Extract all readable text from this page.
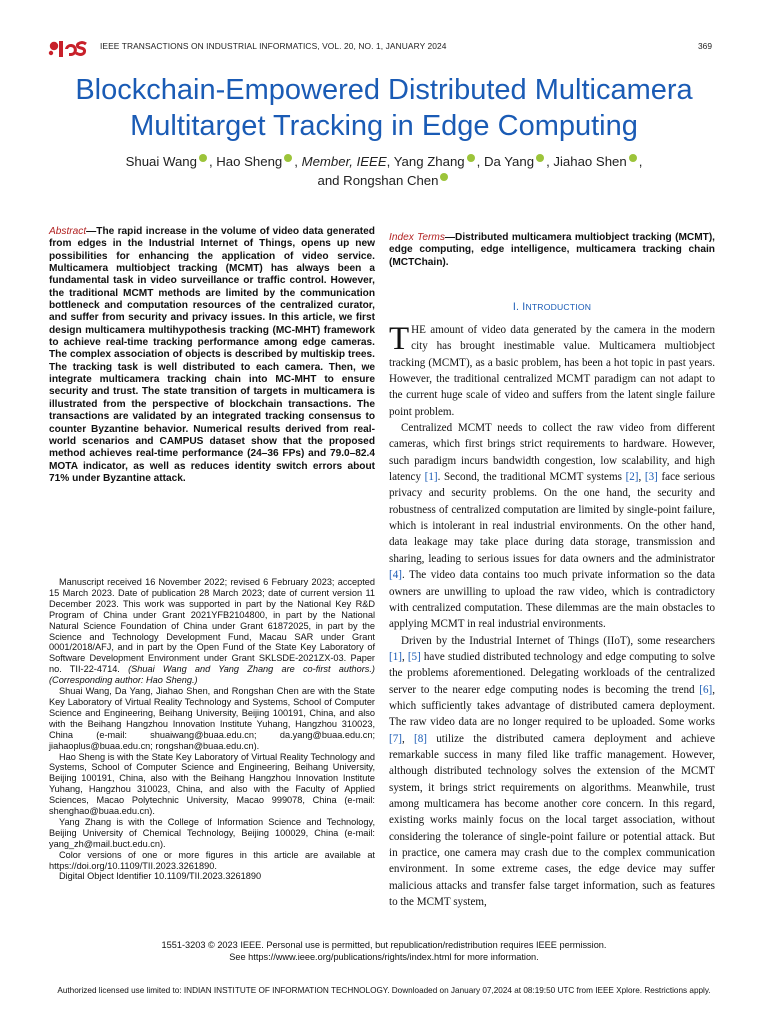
IEEE TRANSACTIONS ON INDUSTRIAL INFORMATICS, VOL. 20, NO. 1, JANUARY 2024	369
Blockchain-Empowered Distributed Multicamera Multitarget Tracking in Edge Computing
Shuai Wang , Hao Sheng , Member, IEEE, Yang Zhang , Da Yang , Jiahao Shen ,
and Rongshan Chen
Abstract—The rapid increase in the volume of video data generated from edges in the Industrial Internet of Things, opens up new possibilities for enhancing the application of video service. Multicamera multiobject tracking (MCMT) has always been a fundamental task in video surveillance or traffic control. However, the traditional MCMT methods are limited by the communication bottleneck and computation resources of the centralized curator, and suffer from security and privacy issues. In this article, we first design multicamera multihypothesis tracking (MC-MHT) framework to achieve real-time tracking performance among edge cameras. The complex association of objects is described by multiskip trees. The tracking task is well distributed to each camera. Then, we integrate multicamera tracking chain into MC-MHT to ensure security and trust. The state transition of targets in multicamera is illustrated from the perspective of blockchain transactions. The transactions are validated by an integrated tracking consensus to counter Byzantine behavior. Numerical results derived from real-world scenarios and CAMPUS dataset show that the proposed method achieves real-time performance (24–36 FPs) and 79.0–82.4 MOTA indicator, as well as reduces identity switch errors about 71% under Byzantine attack.
Index Terms—Distributed multicamera multiobject tracking (MCMT), edge computing, edge intelligence, multicamera tracking chain (MCTChain).
I. INTRODUCTION

THE amount of video data generated by the camera in the modern city has brought inestimable value. Multicamera multiobject tracking (MCMT), as a basic problem, has been a hot topic in past years. However, the traditional centralized MCMT paradigm can not adapt to the current huge scale of video and suffers from the latent single failure point problem.

Centralized MCMT needs to collect the raw video from different cameras, which first brings strict requirements to hardware. However, such paradigm incurs bandwidth congestion, low scalability, and high latency [1]. Second, the traditional MCMT systems [2], [3] face serious privacy and security problems. On the one hand, the security and robustness of centralized computation are limited by single-point failure, which is intolerant in real industrial environments. On the other hand, data leakage may take place during data storage, transmission and sharing, leading to serious issues for data owners and the administrator [4]. The video data contains too much private information so the data owners are unwilling to upload the raw video, which is contradictory with centralized computation. These dilemmas are the main obstacles to applying MCMT in real industrial environments.

Driven by the Industrial Internet of Things (IIoT), some researchers [1], [5] have studied distributed technology and edge computing to solve the problems aforementioned. Delegating workloads of the centralized server to the nearer edge computing nodes is becoming the trend [6], which sufficiently takes advantage of distributed camera deployment. The raw video data are no longer required to be uploaded. Some works [7], [8] utilize the distributed camera deployment and achieve remarkable success in many filed like traffic management. However, although distributed technology solves the extension of the MCMT system, it brings strict requirements on algorithms. Meanwhile, trust among multicamera has become another core concern. In this regard, existing works mainly focus on the local target association, without considering the tolerance of single-point failure or potential attack. But in practice, one camera may crash due to the complex communication environment. In some extreme cases, the edge device may suffer malicious attacks and transfer false target information, such as features to the MCMT system,

Manuscript received 16 November 2022; revised 6 February 2023; accepted 15 March 2023. Date of publication 28 March 2023; date of current version 11 December 2023. This work was supported in part by the National Key R&D Program of China under Grant 2021YFB2104800, in part by the National Natural Science Foundation of China under Grant 61872025, in part by the Science and Technology Development Fund, Macau SAR under Grant 0001/2018/AFJ, and in part by the Open Fund of the State Key Laboratory of Software Development Environment under Grant SKLSDE-2021ZX-03. Paper no. TII-22-4714. (Shuai Wang and Yang Zhang are co-first authors.) (Corresponding author: Hao Sheng.)

Shuai Wang, Da Yang, Jiahao Shen, and Rongshan Chen are with the State Key Laboratory of Virtual Reality Technology and Systems, School of Computer Science and Engineering, Beihang University, Beijing 100191, China, and also with the Beihang Hangzhou Innovation Institute Yuhang, Hangzhou 310023, China (e-mail: shuaiwang@buaa.edu.cn; da.yang@buaa.edu.cn; jiahaoplus@buaa.edu.cn; rongshan@buaa.edu.cn).

Hao Sheng is with the State Key Laboratory of Virtual Reality Technology and Systems, School of Computer Science and Engineering, Beihang University, Beijing 100191, China, also with the Beihang Hangzhou Innovation Institute Yuhang, Hangzhou 310023, China, and also with the Faculty of Applied Sciences, Macao Polytechnic University, Macao 999078, China (e-mail: shenghao@buaa.edu.cn).

Yang Zhang is with the College of Information Science and Technology, Beijing University of Chemical Technology, Beijing 100029, China (e-mail: yang_zh@mail.buct.edu.cn).

Color versions of one or more figures in this article are available at https://doi.org/10.1109/TII.2023.3261890.

Digital Object Identifier 10.1109/TII.2023.3261890

1551-3203 © 2023 IEEE. Personal use is permitted, but republication/redistribution requires IEEE permission.
See https://www.ieee.org/publications/rights/index.html for more information.
Authorized licensed use limited to: INDIAN INSTITUTE OF INFORMATION TECHNOLOGY. Downloaded on January 07,2024 at 08:19:50 UTC from IEEE Xplore. Restrictions apply.
